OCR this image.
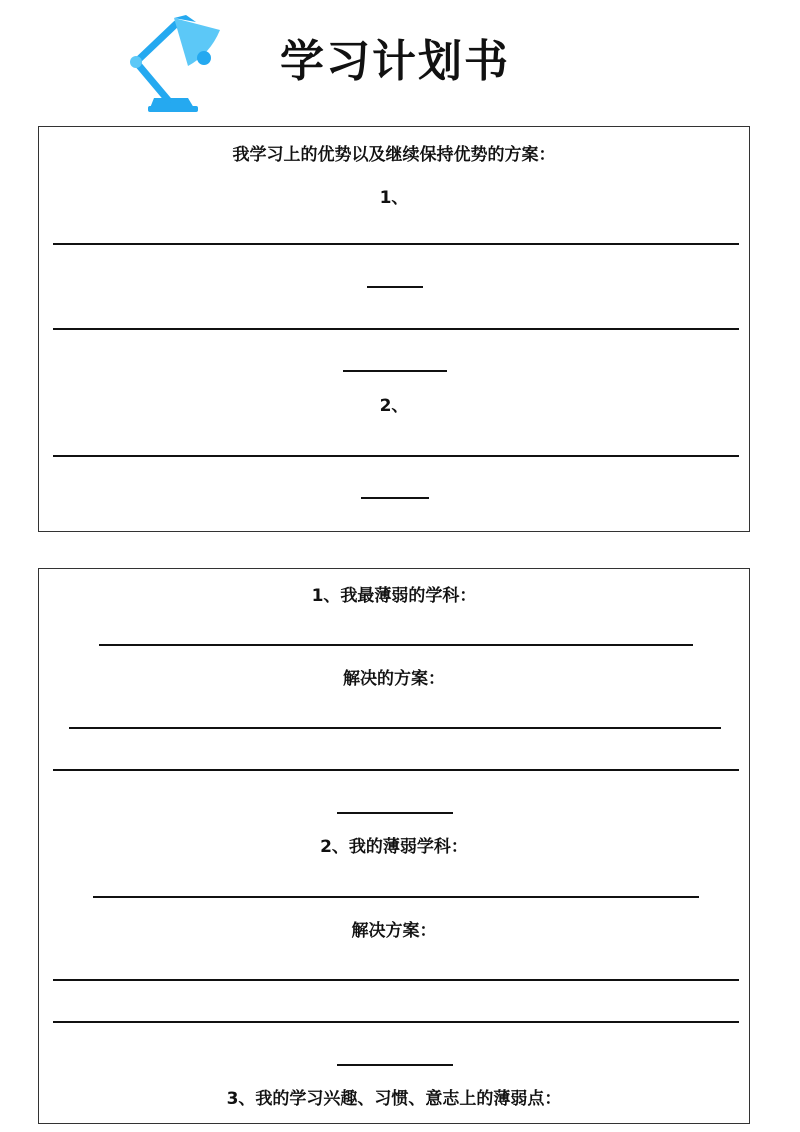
学习计划书

我学习上的优势以及继续保持优势的方案：

1、

2、

1、我最薄弱的学科：

解决的方案：

2、我的薄弱学科：

解决方案：

3、我的学习兴趣、习惯、意志上的薄弱点：
